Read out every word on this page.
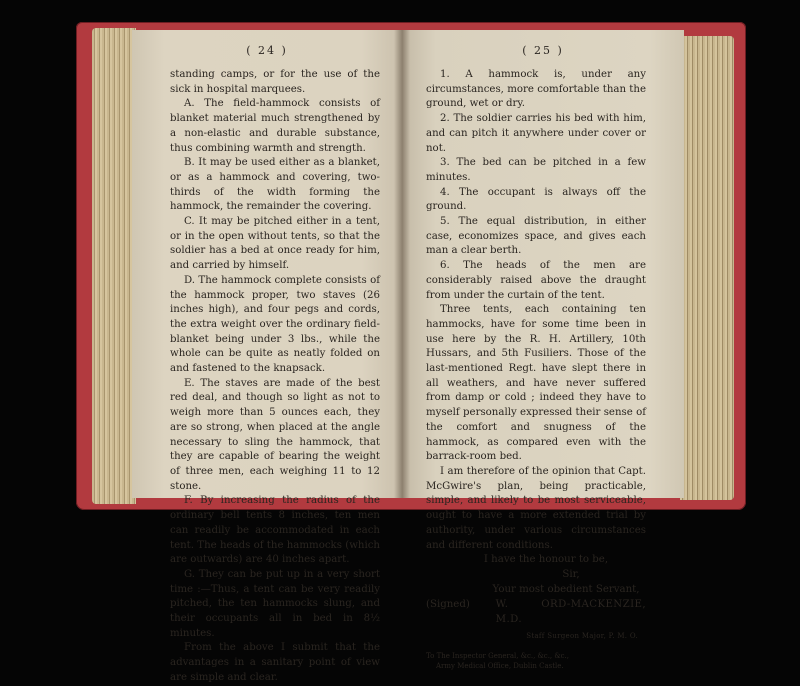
( 24 )

standing camps, or for the use of the sick in hospital marquees.

A. The field-hammock consists of blanket material much strengthened by a non-elastic and durable substance, thus combining warmth and strength.

B. It may be used either as a blanket, or as a hammock and covering, two-thirds of the width forming the hammock, the remainder the covering.

C. It may be pitched either in a tent, or in the open without tents, so that the soldier has a bed at once ready for him, and carried by himself.

D. The hammock complete consists of the hammock proper, two staves (26 inches high), and four pegs and cords, the extra weight over the ordinary field-blanket being under 3 lbs., while the whole can be quite as neatly folded on and fastened to the knapsack.

E. The staves are made of the best red deal, and though so light as not to weigh more than 5 ounces each, they are so strong, when placed at the angle necessary to sling the hammock, that they are capable of bearing the weight of three men, each weighing 11 to 12 stone.

F. By increasing the radius of the ordinary bell tents 8 inches, ten men can readily be accommodated in each tent. The heads of the hammocks (which are outwards) are 40 inches apart.

G. They can be put up in a very short time :—Thus, a tent can be very readily pitched, the ten hammocks slung, and their occupants all in bed in 8½ minutes.

From the above I submit that the advantages in a sanitary point of view are simple and clear.

( 25 )

1. A hammock is, under any circumstances, more comfortable than the ground, wet or dry.

2. The soldier carries his bed with him, and can pitch it anywhere under cover or not.

3. The bed can be pitched in a few minutes.

4. The occupant is always off the ground.

5. The equal distribution, in either case, economizes space, and gives each man a clear berth.

6. The heads of the men are considerably raised above the draught from under the curtain of the tent.

Three tents, each containing ten hammocks, have for some time been in use here by the R. H. Artillery, 10th Hussars, and 5th Fusiliers. Those of the last-mentioned Regt. have slept there in all weathers, and have never suffered from damp or cold ; indeed they have to myself personally expressed their sense of the comfort and snugness of the hammock, as compared even with the barrack-room bed.

I am therefore of the opinion that Capt. McGwire's plan, being practicable, simple, and likely to be most serviceable, ought to have a more extended trial by authority, under various circumstances and different conditions.

I have the honour to be,

Sir,

Your most obedient Servant,

(Signed)	W. ORD-MACKENZIE, M.D.
Staff Surgeon Major, P. M. O.
To The Inspector General, &c., &c., &c.,
Army Medical Office, Dublin Castle.
